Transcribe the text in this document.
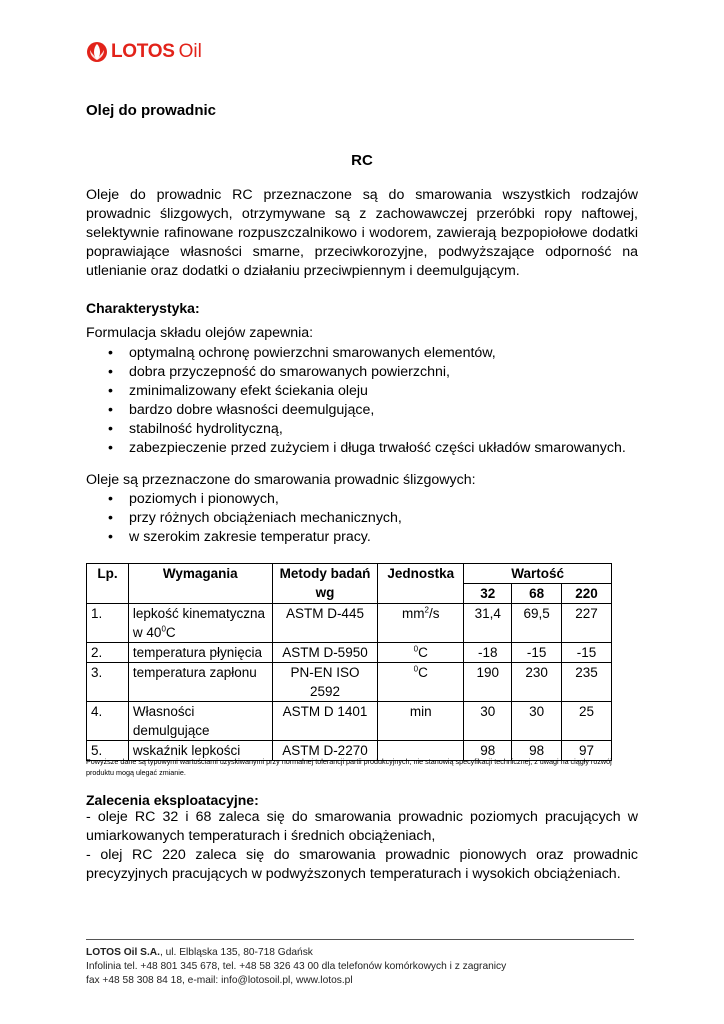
LOTOS Oil
Olej do prowadnic
RC

Oleje do prowadnic RC przeznaczone są do smarowania wszystkich rodzajów prowadnic ślizgowych, otrzymywane są z zachowawczej przeróbki ropy naftowej, selektywnie rafinowane rozpuszczalnikowo i wodorem, zawierają bezpopiołowe dodatki poprawiające własności smarne, przeciwkorozyjne, podwyższające odporność na utlenianie oraz dodatki o działaniu przeciwpiennym i deemulgującym.

Charakterystyka:
Formulacja składu olejów zapewnia:
• optymalną ochronę powierzchni smarowanych elementów,
• dobra przyczepność do smarowanych powierzchni,
• zminimalizowany efekt ściekania oleju
• bardzo dobre własności deemulgujące,
• stabilność hydrolityczną,
• zabezpieczenie przed zużyciem i długa trwałość części układów smarowanych.
Oleje są przeznaczone do smarowania prowadnic ślizgowych:
• poziomych i pionowych,
• przy różnych obciążeniach mechanicznych,
• w szerokim zakresie temperatur pracy.
Lp.	Wymagania	Metody badań wg	Jednostka	Wartość		
				32	68	220
1.	lepkość kinematyczna w $40^0C$	ASTM D-445	$mm^2/s$	31,4	69,5	227
2.	temperatura płynięcia	ASTM D-5950	$^0$C	-18	-15	-15
3.	temperatura zapłonu	PN-EN ISO 2592	$^0$C	190	230	235
4.	Własności demulgujące	ASTM D 1401	min	30	30	25
5.	wskaźnik lepkości	ASTM D-2270		98	98	97

Powyższe dane są typowymi wartościami uzyskiwanymi przy normalnej tolerancji partii produkcyjnych, nie stanowią specyfikacji technicznej, z uwagi na ciągły rozwój produktu mogą ulegać zmianie.

Zalecenia eksploatacyjne:

- oleje RC 32 i 68 zaleca się do smarowania prowadnic poziomych pracujących w umiarkowanych temperaturach i średnich obciążeniach,
- olej RC 220 zaleca się do smarowania prowadnic pionowych oraz prowadnic precyzyjnych pracujących w podwyższonych temperaturach i wysokich obciążeniach.

LOTOS Oil S.A., ul. Elbląska 135, 80-718 Gdańsk
Infolinia tel. +48 801 345 678, tel. +48 58 326 43 00 dla telefonów komórkowych i z zagranicy
fax +48 58 308 84 18, e-mail: info@lotosoil.pl, www.lotos.pl
